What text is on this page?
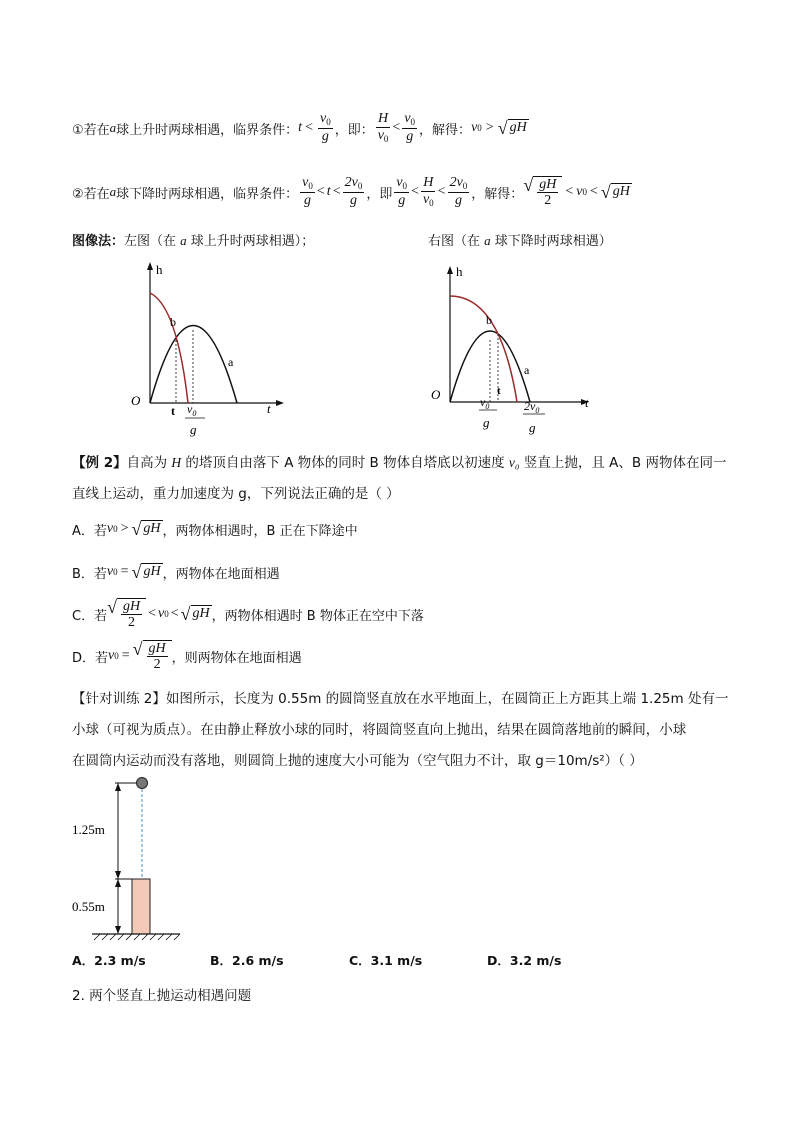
①若在 a 球上升时两球相遇，临界条件： $t < \frac{v_0}{g}$ ，即： $\frac{H}{v_0} < \frac{v_0}{g}$ ，解得： v 0 > √ gH
②若在 a 球下降时两球相遇，临界条件： $\frac{v_0}{g} < t < \frac{2v_0}{g}$ ，即 $\frac{v_0}{g} < \frac{H}{v_0} < \frac{2v_0}{g}$ ，解得： √ $\frac{gH}{2} < v$ 0 < √ gH
图像法：左图（在 a 球上升时两球相遇）；	右图（在 a 球下降时两球相遇）
h
O
t
b
a
t $v_0$
g
h
O
t
b
a
t
$v_0$
g
$2v_0$
g
【例 2】自高为 H 的塔顶自由落下 A 物体的同时 B 物体自塔底以初速度 v₀ 竖直上抛，且 A、B 两物体在同一
直线上运动，重力加速度为 g，下列说法正确的是（ ）
A．若 v 0 > √ gH ，两物体相遇时，B 正在下降途中
B．若 v 0 = √ gH ，两物体在地面相遇
C．若 √ $\frac{gH}{2} < v$ 0 < √ gH ，两物体相遇时 B 物体正在空中下落
D．若 v 0 = √ $\frac{gH}{2}$ ，则两物体在地面相遇
【针对训练 2】如图所示，长度为 0.55m 的圆筒竖直放在水平地面上，在圆筒正上方距其上端 1.25m 处有一
小球（可视为质点）。在由静止释放小球的同时，将圆筒竖直向上抛出，结果在圆筒落地前的瞬间，小球
在圆筒内运动而没有落地，则圆筒上抛的速度大小可能为（空气阻力不计，取 g＝10m/s²）（ ）
1.25m
0.55m
A．2.3 m/s	B．2.6 m/s	C．3.1 m/s	D．3.2 m/s
2. 两个竖直上抛运动相遇问题
